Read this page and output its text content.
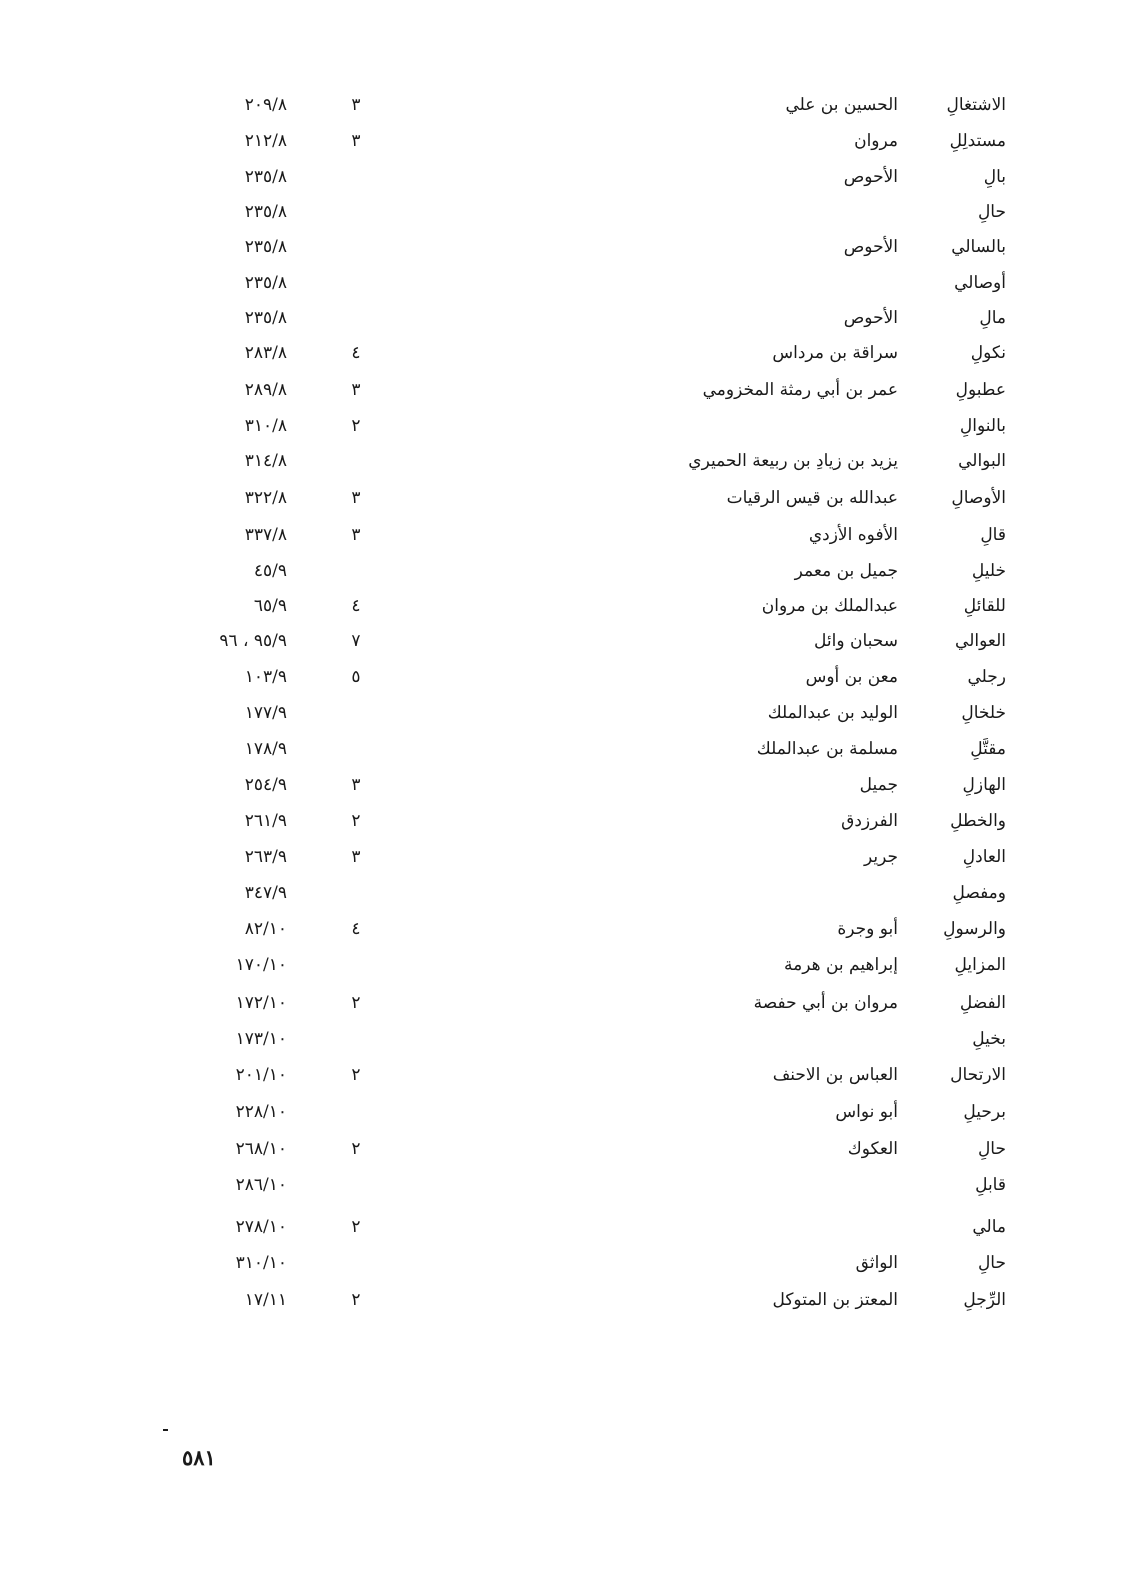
الاشتغالِ
الحسين بن علي
٣
٢٠٩/٨
مستدلِلِ
مروان
٣
٢١٢/٨
بالِ
الأحوص
٢٣٥/٨
حالِ
٢٣٥/٨
بالسالي
الأحوص
٢٣٥/٨
أوصالي
٢٣٥/٨
مالِ
الأحوص
٢٣٥/٨
نكولِ
سراقة بن مرداس
٤
٢٨٣/٨
عطبولِ
عمر بن أبي رمثة المخزومي
٣
٢٨٩/٨
بالنوالِ
٢
٣١٠/٨
البوالي
يزيد بن زيادِ بن ربيعة الحميري
٣١٤/٨
الأوصالِ
عبدالله بن قيس الرقيات
٣
٣٢٢/٨
قالِ
الأفوه الأزدي
٣
٣٣٧/٨
خليلِ
جميل بن معمر
٤٥/٩
للقائلِ
عبدالملك بن مروان
٤
٦٥/٩
العوالي
سحبان وائل
٧
٩٥/٩ ، ٩٦
رجلي
معن بن أوس
٥
١٠٣/٩
خلخالِ
الوليد بن عبدالملك
١٧٧/٩
مقتَّلِ
مسلمة بن عبدالملك
١٧٨/٩
الهازلِ
جميل
٣
٢٥٤/٩
والخطلِ
الفرزدق
٢
٢٦١/٩
العادلِ
جرير
٣
٢٦٣/٩
ومفصلِ
٣٤٧/٩
والرسولِ
أبو وجرة
٤
٨٢/١٠
المزايلِ
إبراهيم بن هرمة
١٧٠/١٠
الفضلِ
مروان بن أبي حفصة
٢
١٧٢/١٠
بخيلِ
١٧٣/١٠
الارتحال
العباس بن الاحنف
٢
٢٠١/١٠
برحيلِ
أبو نواس
٢٢٨/١٠
حالِ
العكوك
٢
٢٦٨/١٠
قابلِ
٢٨٦/١٠
مالي
٢
٢٧٨/١٠
حالِ
الواثق
٣١٠/١٠
الرِّجلِ
المعتز بن المتوكل
٢
١٧/١١
٥٨١
